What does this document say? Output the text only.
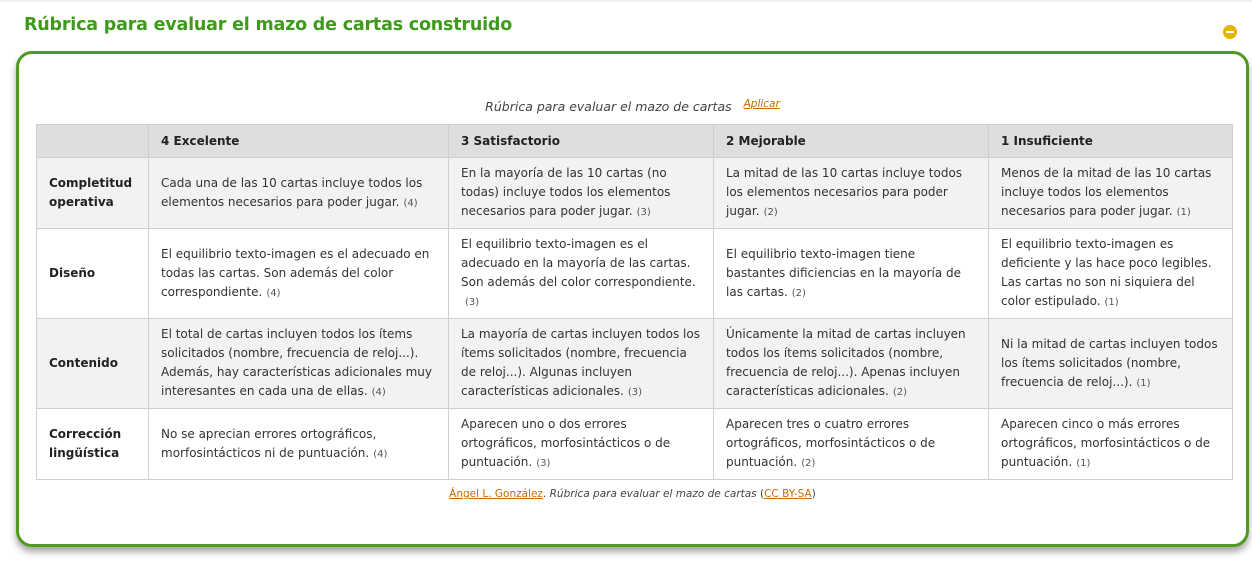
Rúbrica para evaluar el mazo de cartas construido
Rúbrica para evaluar el mazo de cartas $^{Aplicar}$
	4 Excelente	3 Satisfactorio	2 Mejorable	1 Insuficiente
Completitud operativa	Cada una de las 10 cartas incluye todos los elementos necesarios para poder jugar. (4)	En la mayoría de las 10 cartas (no todas) incluye todos los elementos necesarios para poder jugar. (3)	La mitad de las 10 cartas incluye todos los elementos necesarios para poder jugar. (2)	Menos de la mitad de las 10 cartas incluye todos los elementos necesarios para poder jugar. (1)
Diseño	El equilibrio texto-imagen es el adecuado en todas las cartas. Son además del color correspondiente. (4)	El equilibrio texto-imagen es el adecuado en la mayoría de las cartas. Son además del color correspondiente.(3)	El equilibrio texto-imagen tiene bastantes dificiencias en la mayoría de las cartas. (2)	El equilibrio texto-imagen es deficiente y las hace poco legibles. Las cartas no son ni siquiera del color estipulado. (1)
Contenido	El total de cartas incluyen todos los ítems solicitados (nombre, frecuencia de reloj...). Además, hay características adicionales muy interesantes en cada una de ellas. (4)	La mayoría de cartas incluyen todos los ítems solicitados (nombre, frecuencia de reloj...). Algunas incluyen características adicionales. (3)	Únicamente la mitad de cartas incluyen todos los ítems solicitados (nombre, frecuencia de reloj...). Apenas incluyen características adicionales. (2)	Ni la mitad de cartas incluyen todos los ítems solicitados (nombre, frecuencia de reloj...). (1)
Corrección lingüística	No se aprecian errores ortográficos, morfosintácticos ni de puntuación. (4)	Aparecen uno o dos errores ortográficos, morfosintácticos o de puntuación. (3)	Aparecen tres o cuatro errores ortográficos, morfosintácticos o de puntuación. (2)	Aparecen cinco o más errores ortográficos, morfosintácticos o de puntuación. (1)
Ángel L. González. Rúbrica para evaluar el mazo de cartas (CC BY-SA)
